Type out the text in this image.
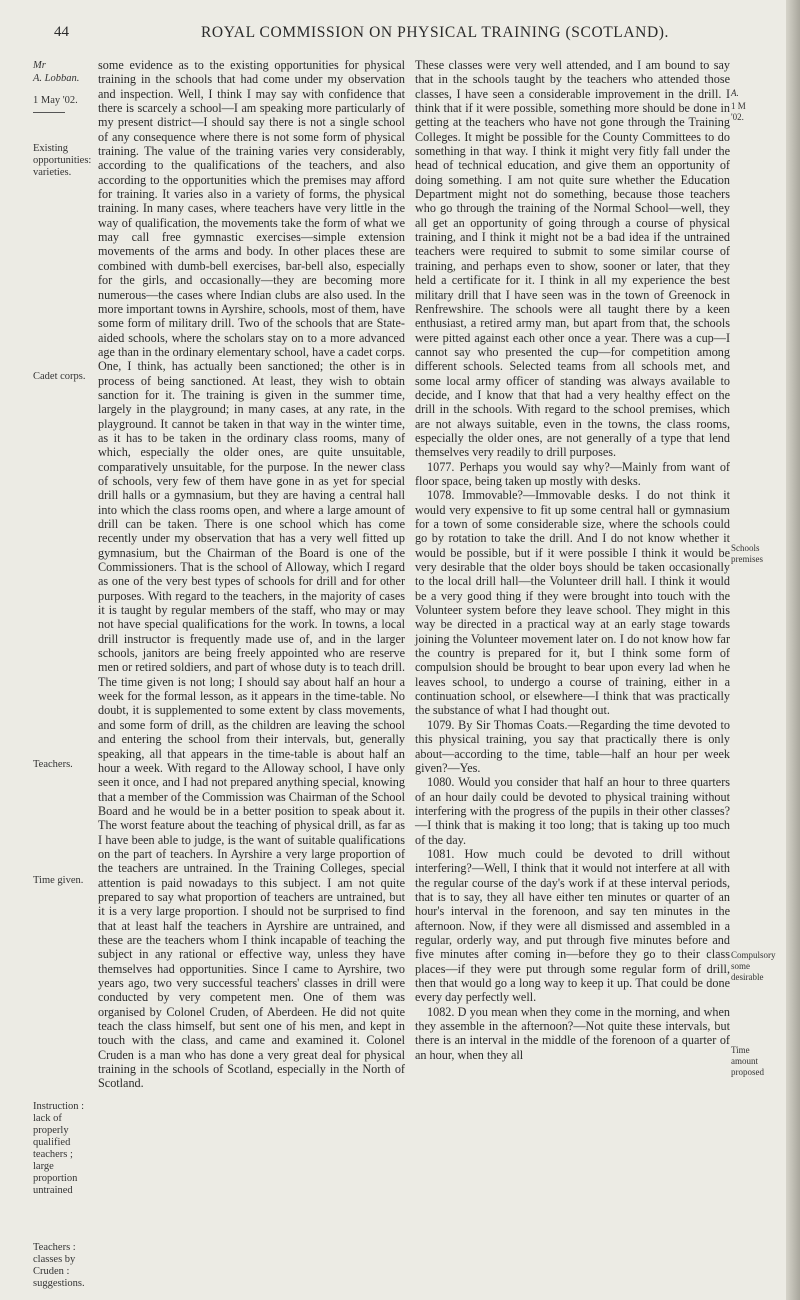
44	ROYAL COMMISSION ON PHYSICAL TRAINING (SCOTLAND).
Mr
A. Lobban.
1 May '02.
Existing opportunities: varieties.
Cadet corps.
Teachers.
Time given.
Instruction : lack of properly qualified teachers ; large proportion untrained
Teachers : classes by Cruden : suggestions.
A.
1 M
'02.
Schools premises
Compulsory some desirable
Time amount proposed

some evidence as to the existing opportunities for physical training in the schools that had come under my observation and inspection. Well, I think I may say with confidence that there is scarcely a school—I am speaking more particularly of my present district—I should say there is not a single school of any consequence where there is not some form of physical training. The value of the training varies very considerably, according to the qualifications of the teachers, and also according to the opportunities which the premises may afford for training. It varies also in a variety of forms, the physical training. In many cases, where teachers have very little in the way of qualification, the movements take the form of what we may call free gymnastic exercises—simple extension movements of the arms and body. In other places these are combined with dumb-bell exercises, bar-bell also, especially for the girls, and occasionally—they are becoming more numerous—the cases where Indian clubs are also used. In the more important towns in Ayrshire, schools, most of them, have some form of military drill. Two of the schools that are State-aided schools, where the scholars stay on to a more advanced age than in the ordinary elementary school, have a cadet corps. One, I think, has actually been sanctioned; the other is in process of being sanctioned. At least, they wish to obtain sanction for it. The training is given in the summer time, largely in the playground; in many cases, at any rate, in the playground. It cannot be taken in that way in the winter time, as it has to be taken in the ordinary class rooms, many of which, especially the older ones, are quite unsuitable, comparatively unsuitable, for the purpose. In the newer class of schools, very few of them have gone in as yet for special drill halls or a gymnasium, but they are having a central hall into which the class rooms open, and where a large amount of drill can be taken. There is one school which has come recently under my observation that has a very well fitted up gymnasium, but the Chairman of the Board is one of the Commissioners. That is the school of Alloway, which I regard as one of the very best types of schools for drill and for other purposes. With regard to the teachers, in the majority of cases it is taught by regular members of the staff, who may or may not have special qualifications for the work. In towns, a local drill instructor is frequently made use of, and in the larger schools, janitors are being freely appointed who are reserve men or retired soldiers, and part of whose duty is to teach drill. The time given is not long; I should say about half an hour a week for the formal lesson, as it appears in the time-table. No doubt, it is supplemented to some extent by class movements, and some form of drill, as the children are leaving the school and entering the school from their intervals, but, generally speaking, all that appears in the time-table is about half an hour a week. With regard to the Alloway school, I have only seen it once, and I had not prepared anything special, knowing that a member of the Commission was Chairman of the School Board and he would be in a better position to speak about it. The worst feature about the teaching of physical drill, as far as I have been able to judge, is the want of suitable qualifications on the part of teachers. In Ayrshire a very large proportion of the teachers are untrained. In the Training Colleges, special attention is paid nowadays to this subject. I am not quite prepared to say what proportion of teachers are untrained, but it is a very large proportion. I should not be surprised to find that at least half the teachers in Ayrshire are untrained, and these are the teachers whom I think incapable of teaching the subject in any rational or effective way, unless they have themselves had opportunities. Since I came to Ayrshire, two years ago, two very successful teachers' classes in drill were conducted by very competent men. One of them was organised by Colonel Cruden, of Aberdeen. He did not quite teach the class himself, but sent one of his men, and kept in touch with the class, and came and examined it. Colonel Cruden is a man who has done a very great deal for physical training in the schools of Scotland, especially in the North of Scotland.

These classes were very well attended, and I am bound to say that in the schools taught by the teachers who attended those classes, I have seen a considerable improvement in the drill. I think that if it were possible, something more should be done in getting at the teachers who have not gone through the Training Colleges. It might be possible for the County Committees to do something in that way. I think it might very fitly fall under the head of technical education, and give them an opportunity of doing something. I am not quite sure whether the Education Department might not do something, because those teachers who go through the training of the Normal School—well, they all get an opportunity of going through a course of physical training, and I think it might not be a bad idea if the untrained teachers were required to submit to some similar course of training, and perhaps even to show, sooner or later, that they held a certificate for it. I think in all my experience the best military drill that I have seen was in the town of Greenock in Renfrewshire. The schools were all taught there by a keen enthusiast, a retired army man, but apart from that, the schools were pitted against each other once a year. There was a cup—I cannot say who presented the cup—for competition among different schools. Selected teams from all schools met, and some local army officer of standing was always available to decide, and I know that that had a very healthy effect on the drill in the schools. With regard to the school premises, which are not always suitable, even in the towns, the class rooms, especially the older ones, are not generally of a type that lend themselves very readily to drill purposes.

1077. Perhaps you would say why?—Mainly from want of floor space, being taken up mostly with desks.

1078. Immovable?—Immovable desks. I do not think it would very expensive to fit up some central hall or gymnasium for a town of some considerable size, where the schools could go by rotation to take the drill. And I do not know whether it would be possible, but if it were possible I think it would be very desirable that the older boys should be taken occasionally to the local drill hall—the Volunteer drill hall. I think it would be a very good thing if they were brought into touch with the Volunteer system before they leave school. They might in this way be directed in a practical way at an early stage towards joining the Volunteer movement later on. I do not know how far the country is prepared for it, but I think some form of compulsion should be brought to bear upon every lad when he leaves school, to undergo a course of training, either in a continuation school, or elsewhere—I think that was practically the substance of what I had thought out.

1079. By Sir Thomas Coats.—Regarding the time devoted to this physical training, you say that practically there is only about—according to the time, table—half an hour per week given?—Yes.

1080. Would you consider that half an hour to three quarters of an hour daily could be devoted to physical training without interfering with the progress of the pupils in their other classes?—I think that is making it too long; that is taking up too much of the day.

1081. How much could be devoted to drill without interfering?—Well, I think that it would not interfere at all with the regular course of the day's work if at these interval periods, that is to say, they all have either ten minutes or quarter of an hour's interval in the forenoon, and say ten minutes in the afternoon. Now, if they were all dismissed and assembled in a regular, orderly way, and put through five minutes before and five minutes after coming in—before they go to their class places—if they were put through some regular form of drill, then that would go a long way to keep it up. That could be done every day perfectly well.

1082. D you mean when they come in the morning, and when they assemble in the afternoon?—Not quite these intervals, but there is an interval in the middle of the forenoon of a quarter of an hour, when they all
